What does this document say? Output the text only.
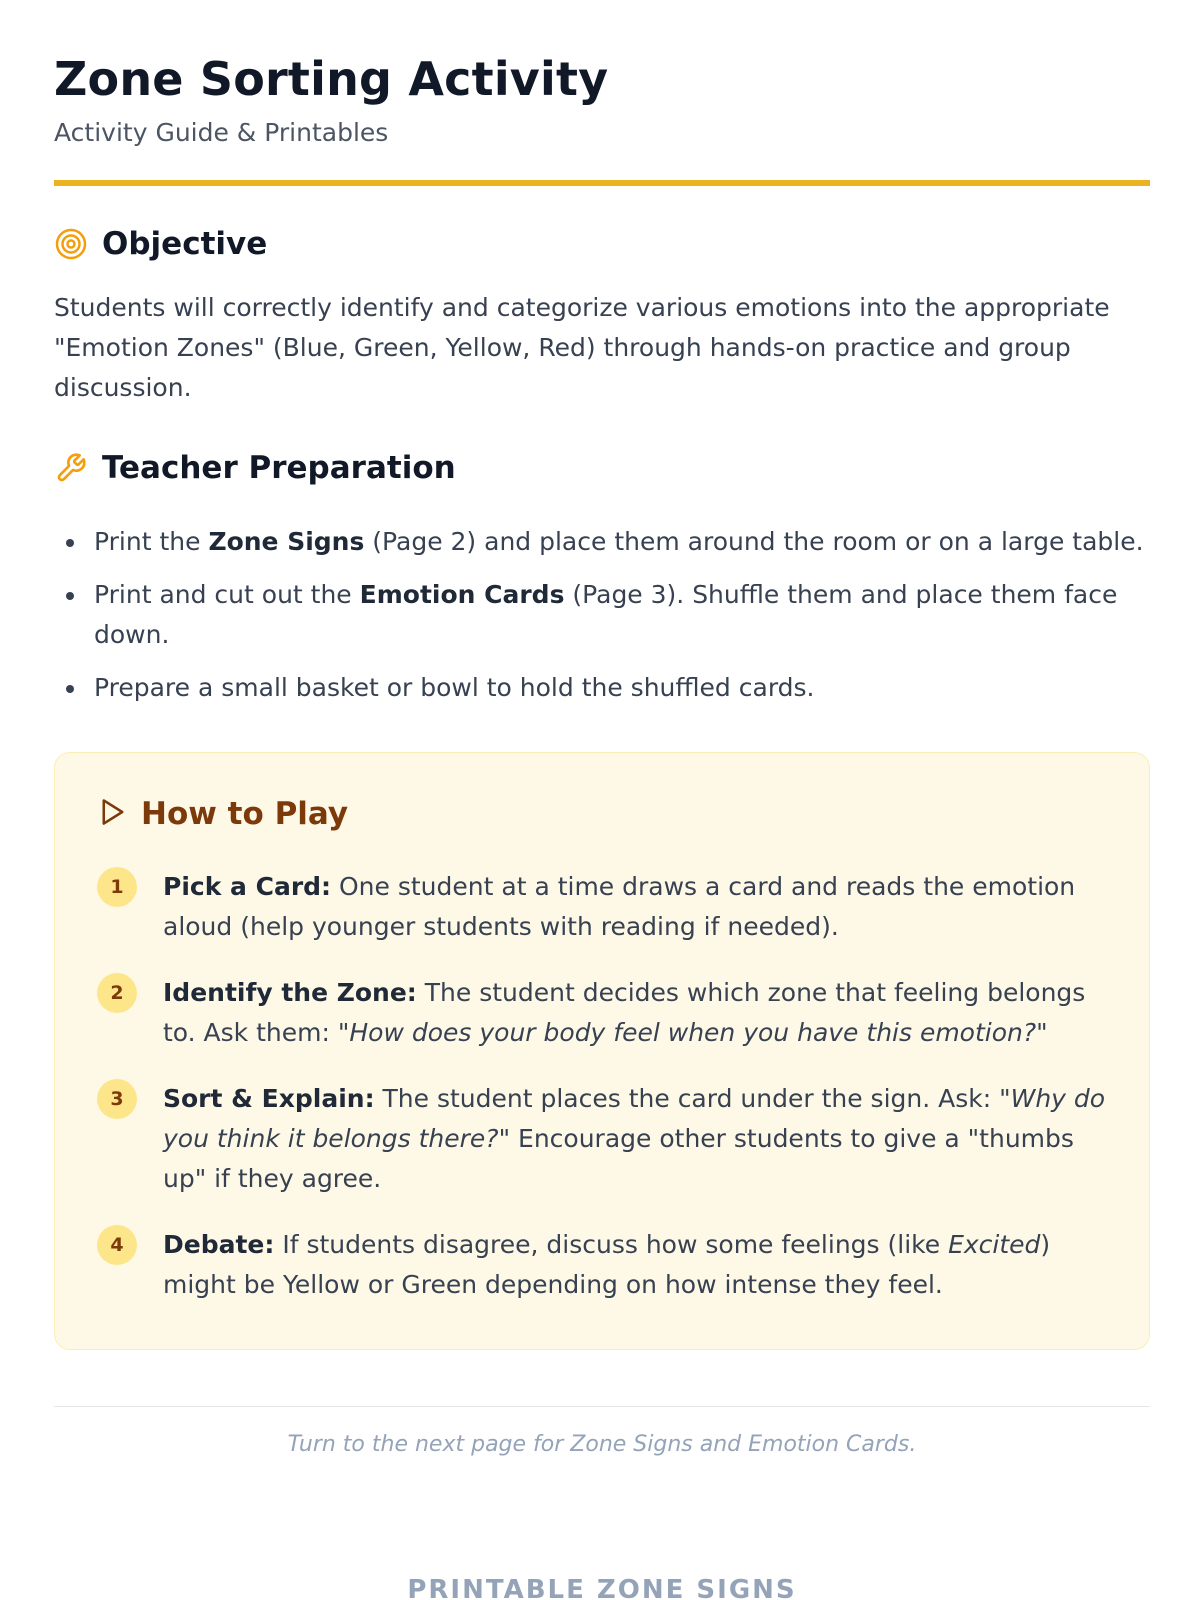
Zone Sorting Activity
Activity Guide & Printables
Objective

Students will correctly identify and categorize various emotions into the appropriate "Emotion Zones" (Blue, Green, Yellow, Red) through hands-on practice and group discussion.

Teacher Preparation
Print the Zone Signs (Page 2) and place them around the room or on a large table.
Print and cut out the Emotion Cards (Page 3). Shuffle them and place them face down.
Prepare a small basket or bowl to hold the shuffled cards.
How to Play
1	Pick a Card: One student at a time draws a card and reads the emotion aloud (help younger students with reading if needed).
2	Identify the Zone: The student decides which zone that feeling belongs to. Ask them: "How does your body feel when you have this emotion?"
3	Sort & Explain: The student places the card under the sign. Ask: "Why do you think it belongs there?" Encourage other students to give a "thumbs up" if they agree.
4	Debate: If students disagree, discuss how some feelings (like Excited) might be Yellow or Green depending on how intense they feel.
Turn to the next page for Zone Signs and Emotion Cards.
PRINTABLE ZONE SIGNS
